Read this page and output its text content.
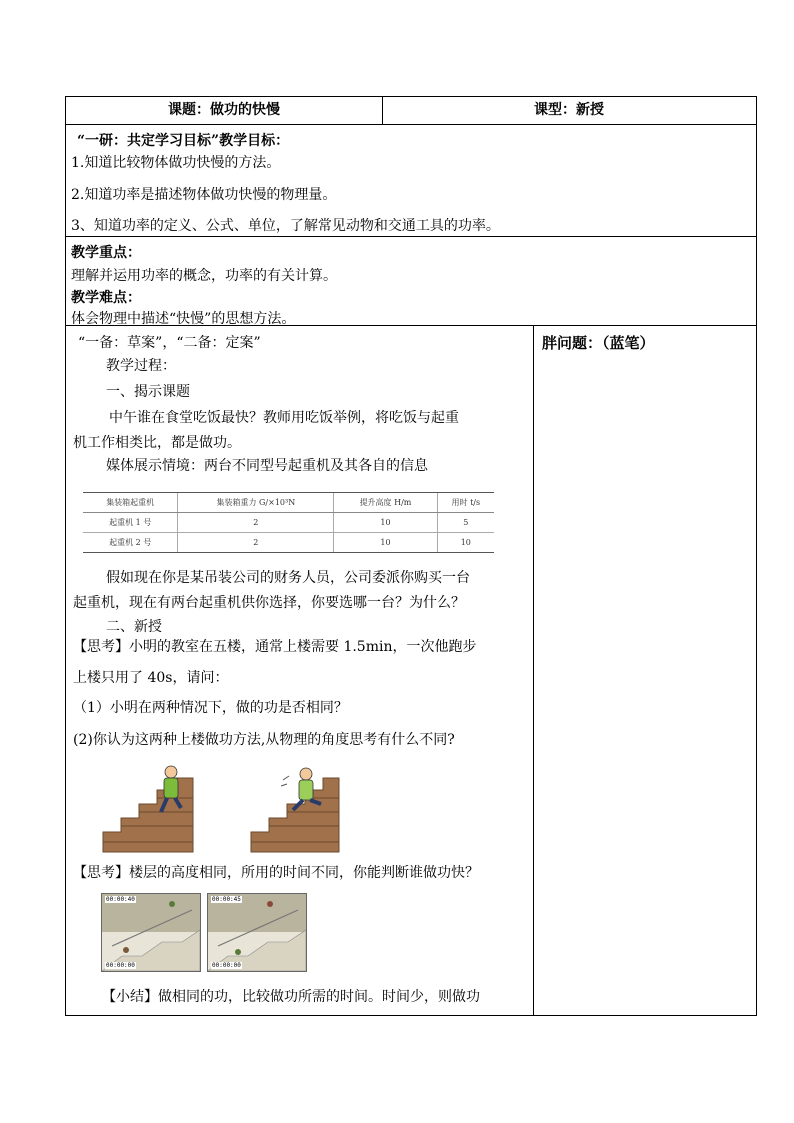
课题：做功的快慢	课型：新授
“一研：共定学习目标”教学目标：
1.知道比较物体做功快慢的方法。
2.知道功率是描述物体做功快慢的物理量。
3、知道功率的定义、公式、单位，了解常见动物和交通工具的功率。
教学重点：
理解并运用功率的概念，功率的有关计算。
教学难点：
体会物理中描述“快慢”的思想方法。
“一备：草案”，“二备：定案”
教学过程：
一、揭示课题
中午谁在食堂吃饭最快？教师用吃饭举例，将吃饭与起重
机工作相类比，都是做功。
媒体展示情境：两台不同型号起重机及其各自的信息
集装箱起重机	集装箱重力 G/×10³N	提升高度 H/m	用时 t/s
起重机 1 号	2	10	5
起重机 2 号	2	10	10
假如现在你是某吊装公司的财务人员，公司委派你购买一台
起重机，现在有两台起重机供你选择，你要选哪一台？为什么？
二、新授
【思考】小明的教室在五楼，通常上楼需要 1.5min，一次他跑步
上楼只用了 40s，请问：
（1）小明在两种情况下，做的功是否相同？
(2)你认为这两种上楼做功方法,从物理的角度思考有什么不同?
【思考】楼层的高度相同，所用的时间不同，你能判断谁做功快？
00:00:40
00:00:00
00:00:45
00:00:00
【小结】做相同的功，比较做功所需的时间。时间少，则做功
胖问题：（蓝笔）
